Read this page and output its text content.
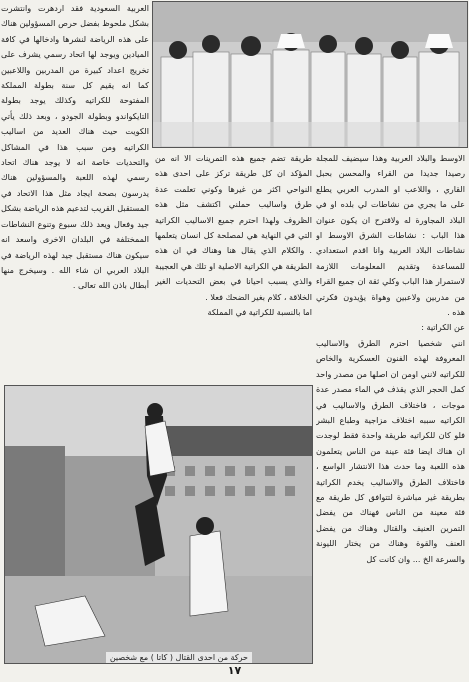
العربية السعودية فقد اردهرت وانتشرت بشكل ملحوظ بفضل حرص المسؤولين هناك على هذه الرياضة لنشرها وادخالها في كافة الميادين ويوجد لها اتحاد رسمي يشرف على تخريج اعداد كبيرة من المدربين واللاعبين كما انه يقيم كل سنة بطولة المملكة المفتوحة للكراتيه وكذلك يوجد بطولة التايكواندو وبطولة الجودو ، وبعد ذلك يأتي الكويت حيث هناك العديد من اساليب الكراتيه ومن سبب هذا في المشاكل والتحديات خاصة انه لا يوجد هناك اتحاد رسمي لهذه اللعبة والمسؤولين هناك يدرسون بصحة ايجاد مثل هذا الاتحاد في المستقبل القريب لتدعيم هذه الرياضة بشكل جيد وفعال ويعد ذلك سبوع وتنوع النشاطات الممختلفة في البلدان الاخرى واسعد انه سيكون هناك مستقبل جيد لهذه الرياضة في البلاد العربي ان شاء الله . وسيخرج منها أبطال باذن الله تعالى .
طريقة تضم جميع هذه التمرينات الا انه من المؤكد ان كل طريقة تركز على احدى هذه النواحي اكثر من غيرها وكوني تعلمت عدة طرق واساليب حملني اكتشف مثل هذه الظروف ولهذا احترم جميع الاساليب الكراتية التي في النهاية هي لمصلحة كل انسان يتعلمها . والكلام الذي يقال هنا وهناك في ان هذه الطريقة هي الكراتية الاصلية او تلك هي العجيبة والذي يسبب احيانا في بعض التحديات الغير الخلاقة ، كلام بغير الضحك فعلا .
اما بالنسبة للكراتية في المملكة
الاوسط والبلاد العربية وهذا سيضيف للمجلة رصيدا جديدا من القراء والمحسن بحبل القاري ، واللاعب او المدرب العربي يطلع على ما يجري من نشاطات لي بلده او في البلاد المجاورة له ولاقترح ان يكون عنوان هذا الباب : نشاطات الشرق الاوسط او نشاطات البلاد العربية وانا اقدم استعدادي للمساعدة وتقديم المعلومات اللازمة لاستمرار هذا الباب وكلي ثقة ان جميع القراء من مدربين ولاعبين وهواة يؤيدون فكرتي هذه .
عن الكراتية :
انني شخصيا احترم الطرق والاساليب المعروفة لهذه الفنون العسكرية والخاص للكراتيه لانني اومن ان اصلها من مصدر واحد كمل الحجر الذي يقذف في الماء مصدر عدة موجات ، فاختلاف الطرق والاساليب في الكراتيه سببه اختلاف مزاجية وطباع البشر فلو كان للكراتيه طريقة واحدة فقط لوجدت ان هناك ايضا فئة عينة من الناس يتعلمون هذه اللعبة وما حدث هذا الانتشار الواسع ، فاختلاف الطرق والاساليب يخدم الكراتية بطريقة غير مباشرة لتتوافق كل طريقة مع فئة معينة من الناس فهناك من يفضل التمرين العنيف والقتال وهناك من يفضل العنف والقوة وهناك من يختار الليونة والسرعة الخ ... وان كانت كل
حركة من احدى القتال ( كاتا ) مع شخصين
١٧
